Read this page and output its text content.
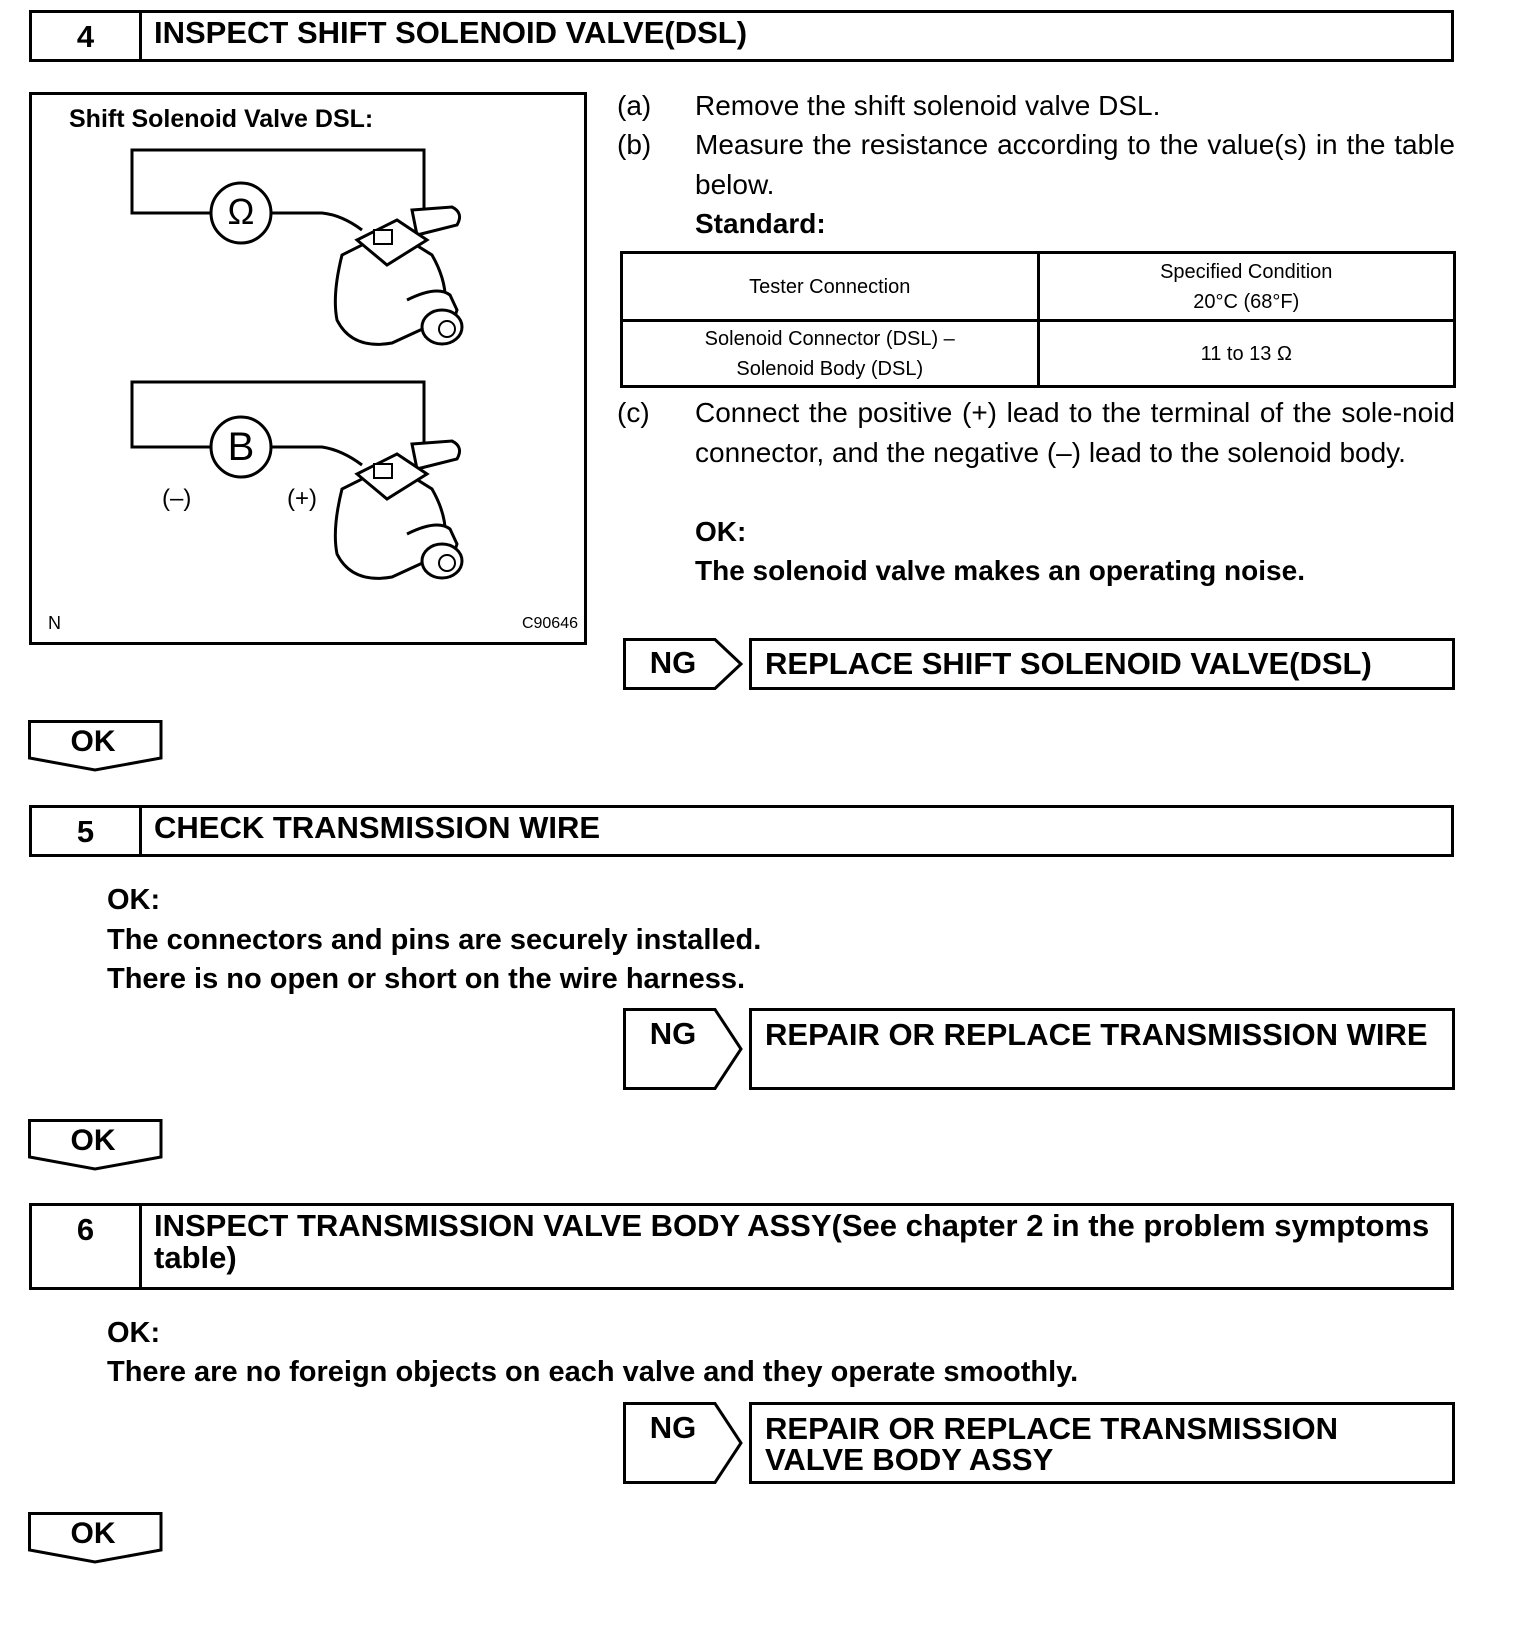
4	INSPECT SHIFT SOLENOID VALVE(DSL)
Shift Solenoid Valve DSL:
Ω
B
(–)	(+)
N	C90646
(a) Remove the shift solenoid valve DSL.
(b) Measure the resistance according to the value(s) in the table below.
Standard:
Tester Connection	Specified Condition
20°C (68°F)

Solenoid Connector (DSL) – Solenoid Body (DSL)	11 to 13 Ω
(c) Connect the positive (+) lead to the terminal of the sole-noid connector, and the negative (–) lead to the solenoid body.
OK:
The solenoid valve makes an operating noise.
NG	REPLACE SHIFT SOLENOID VALVE(DSL)
OK
5	CHECK TRANSMISSION WIRE
OK:
The connectors and pins are securely installed.
There is no open or short on the wire harness.
NG	REPAIR OR REPLACE TRANSMISSION WIRE
OK
6	INSPECT TRANSMISSION VALVE BODY ASSY(See chapter 2 in the problem symptoms table)
OK:
There are no foreign objects on each valve and they operate smoothly.
NG	REPAIR OR REPLACE TRANSMISSION VALVE BODY ASSY
OK
